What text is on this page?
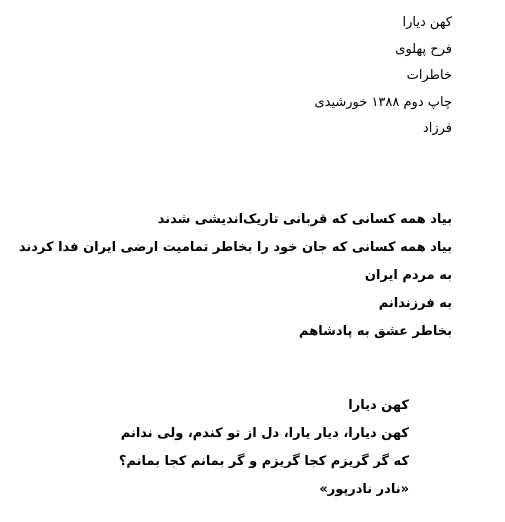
کهن دیارا
فرح پهلوی
خاطرات
چاپ دوم ۱۳۸۸ خورشیدی
فرزاد
بیاد همه کسانی که قربانی تاریک‌اندیشی شدند
بیاد همه کسانی که جان خود را بخاطر تمامیت ارضی ایران فدا کردند
به مردم ایران
به فرزندانم
بخاطر عشق به پادشاهم
کهن دیارا
کهن دیارا، دیار یارا، دل از تو کندم، ولی ندانم
که گر گریزم کجا گریزم و گر بمانم کجا بمانم؟
«نادر نادرپور»
